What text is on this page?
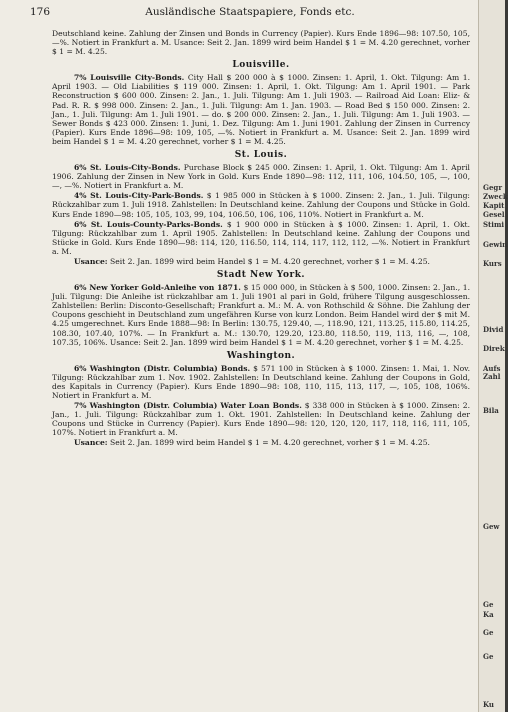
176	Ausländische Staatspapiere, Fonds etc.

Deutschland keine. Zahlung der Zinsen und Bonds in Currency (Papier). Kurs Ende 1896—98: 107.50, 105, —%. Notiert in Frankfurt a. M. Usance: Seit 2. Jan. 1899 wird beim Handel $ 1 = M. 4.20 gerechnet, vorher $ 1 = M. 4.25.

Louisville.

7% Louisville City-Bonds. City Hall $ 200 000 à $ 1000. Zinsen: 1. April, 1. Okt. Tilgung: Am 1. April 1903. — Old Liabilities $ 119 000. Zinsen: 1. April, 1. Okt. Tilgung: Am 1. April 1901. — Park Reconstruction $ 600 000. Zinsen: 2. Jan., 1. Juli. Tilgung: Am 1. Juli 1903. — Railroad Aid Loan: Eliz- & Pad. R. R. $ 998 000. Zinsen: 2. Jan., 1. Juli. Tilgung: Am 1. Jan. 1903. — Road Bed $ 150 000. Zinsen: 2. Jan., 1. Juli. Tilgung: Am 1. Juli 1901. — do. $ 200 000. Zinsen: 2. Jan., 1. Juli. Tilgung: Am 1. Juli 1903. — Sewer Bonds $ 423 000. Zinsen: 1. Juni, 1. Dez. Tilgung: Am 1. Juni 1901. Zahlung der Zinsen in Currency (Papier). Kurs Ende 1896—98: 109, 105, —%. Notiert in Frankfurt a. M. Usance: Seit 2. Jan. 1899 wird beim Handel $ 1 = M. 4.20 gerechnet, vorher $ 1 = M. 4.25.

St. Louis.

6% St. Louis-City-Bonds. Purchase Block $ 245 000. Zinsen: 1. April, 1. Okt. Tilgung: Am 1. April 1906. Zahlung der Zinsen in New York in Gold. Kurs Ende 1890—98: 112, 111, 106, 104.50, 105, —, 100, —, —%. Notiert in Frankfurt a. M.

4% St. Louis-City-Park-Bonds. $ 1 985 000 in Stücken à $ 1000. Zinsen: 2. Jan., 1. Juli. Tilgung: Rückzahlbar zum 1. Juli 1918. Zahlstellen: In Deutschland keine. Zahlung der Coupons und Stücke in Gold. Kurs Ende 1890—98: 105, 105, 103, 99, 104, 106.50, 106, 106, 110%. Notiert in Frankfurt a. M.

6% St. Louis-County-Parks-Bonds. $ 1 900 000 in Stücken à $ 1000. Zinsen: 1. April, 1. Okt. Tilgung: Rückzahlbar zum 1. April 1905. Zahlstellen: In Deutschland keine. Zahlung der Coupons und Stücke in Gold. Kurs Ende 1890—98: 114, 120, 116.50, 114, 114, 117, 112, 112, —%. Notiert in Frankfurt a. M.

Usance: Seit 2. Jan. 1899 wird beim Handel $ 1 = M. 4.20 gerechnet, vorher $ 1 = M. 4.25.

Stadt New York.

6% New Yorker Gold-Anleihe von 1871. $ 15 000 000, in Stücken à $ 500, 1000. Zinsen: 2. Jan., 1. Juli. Tilgung: Die Anleihe ist rückzahlbar am 1. Juli 1901 al pari in Gold, frühere Tilgung ausgeschlossen. Zahlstellen: Berlin: Disconto-Gesellschaft; Frankfurt a. M.: M. A. von Rothschild & Söhne. Die Zahlung der Coupons geschieht in Deutschland zum ungefähren Kurse von kurz London. Beim Handel wird der $ mit M. 4.25 umgerechnet. Kurs Ende 1888—98: In Berlin: 130.75, 129.40, —, 118.90, 121, 113.25, 115.80, 114.25, 108.30, 107.40, 107%. — In Frankfurt a. M.: 130.70, 129.20, 123.80, 118.50, 119, 113, 116, —, 108, 107.35, 106%. Usance: Seit 2. Jan. 1899 wird beim Handel $ 1 = M. 4.20 gerechnet, vorher $ 1 = M. 4.25.

Washington.

6% Washington (Distr. Columbia) Bonds. $ 571 100 in Stücken à $ 1000. Zinsen: 1. Mai, 1. Nov. Tilgung: Rückzahlbar zum 1. Nov. 1902. Zahlstellen: In Deutschland keine. Zahlung der Coupons in Gold, des Kapitals in Currency (Papier). Kurs Ende 1890—98: 108, 110, 115, 113, 117, —, 105, 108, 106%. Notiert in Frankfurt a. M.

7% Washington (Distr. Columbia) Water Loan Bonds. $ 338 000 in Stücken à $ 1000. Zinsen: 2. Jan., 1. Juli. Tilgung: Rückzahlbar zum 1. Okt. 1901. Zahlstellen: In Deutschland keine. Zahlung der Coupons und Stücke in Currency (Papier). Kurs Ende 1890—98: 120, 120, 120, 117, 118, 116, 111, 105, 107%. Notiert in Frankfurt a. M.

Usance: Seit 2. Jan. 1899 wird beim Handel $ 1 = M. 4.20 gerechnet, vorher $ 1 = M. 4.25.

Gegr
Zweck
Kapit
Gesel
Stimi
Gewin
Kurs
Divid
Direk
Aufs
Zahl
Bila
Gew
Ge
Ka
Ge
Ge
Ku
